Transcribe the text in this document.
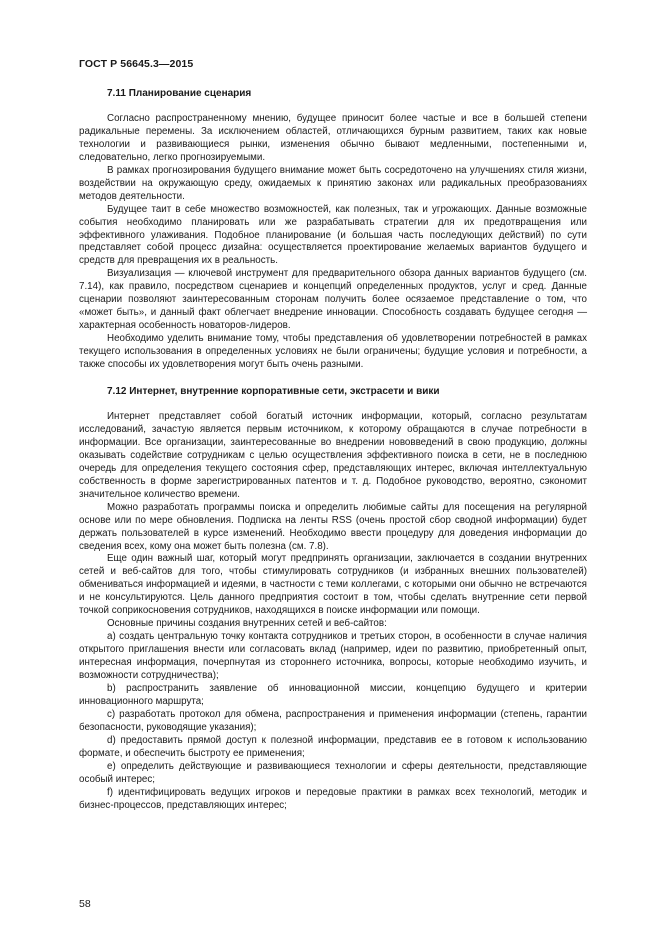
ГОСТ Р 56645.3—2015
7.11 Планирование сценария

Согласно распространенному мнению, будущее приносит более частые и все в большей степени радикальные перемены. За исключением областей, отличающихся бурным развитием, таких как новые технологии и развивающиеся рынки, изменения обычно бывают медленными, постепенными и, следовательно, легко прогнозируемыми.

В рамках прогнозирования будущего внимание может быть сосредоточено на улучшениях стиля жизни, воздействии на окружающую среду, ожидаемых к принятию законах или радикальных преобразованиях методов деятельности.

Будущее таит в себе множество возможностей, как полезных, так и угрожающих. Данные возможные события необходимо планировать или же разрабатывать стратегии для их предотвращения или эффективного улаживания. Подобное планирование (и большая часть последующих действий) по сути представляет собой процесс дизайна: осуществляется проектирование желаемых вариантов будущего и средств для превращения их в реальность.

Визуализация — ключевой инструмент для предварительного обзора данных вариантов будущего (см. 7.14), как правило, посредством сценариев и концепций определенных продуктов, услуг и сред. Данные сценарии позволяют заинтересованным сторонам получить более осязаемое представление о том, что «может быть», и данный факт облегчает внедрение инновации. Способность создавать будущее сегодня — характерная особенность новаторов-лидеров.

Необходимо уделить внимание тому, чтобы представления об удовлетворении потребностей в рамках текущего использования в определенных условиях не были ограничены; будущие условия и потребности, а также способы их удовлетворения могут быть очень разными.

7.12 Интернет, внутренние корпоративные сети, экстрасети и вики

Интернет представляет собой богатый источник информации, который, согласно результатам исследований, зачастую является первым источником, к которому обращаются в случае потребности в информации. Все организации, заинтересованные во внедрении нововведений в свою продукцию, должны оказывать содействие сотрудникам с целью осуществления эффективного поиска в сети, не в последнюю очередь для определения текущего состояния сфер, представляющих интерес, включая интеллектуальную собственность в форме зарегистрированных патентов и т. д. Подобное руководство, вероятно, сэкономит значительное количество времени.

Можно разработать программы поиска и определить любимые сайты для посещения на регулярной основе или по мере обновления. Подписка на ленты RSS (очень простой сбор сводной информации) будет держать пользователей в курсе изменений. Необходимо ввести процедуру для доведения информации до сведения всех, кому она может быть полезна (см. 7.8).

Еще один важный шаг, который могут предпринять организации, заключается в создании внутренних сетей и веб-сайтов для того, чтобы стимулировать сотрудников (и избранных внешних пользователей) обмениваться информацией и идеями, в частности с теми коллегами, с которыми они обычно не встречаются и не консультируются. Цель данного предприятия состоит в том, чтобы сделать внутренние сети первой точкой соприкосновения сотрудников, находящихся в поиске информации или помощи.

Основные причины создания внутренних сетей и веб-сайтов:

a) создать центральную точку контакта сотрудников и третьих сторон, в особенности в случае наличия открытого приглашения внести или согласовать вклад (например, идеи по развитию, приобретенный опыт, интересная информация, почерпнутая из стороннего источника, вопросы, которые необходимо изучить, и возможности сотрудничества);

b) распространить заявление об инновационной миссии, концепцию будущего и критерии инновационного маршрута;

c) разработать протокол для обмена, распространения и применения информации (степень, гарантии безопасности, руководящие указания);

d) предоставить прямой доступ к полезной информации, представив ее в готовом к использованию формате, и обеспечить быстроту ее применения;

e) определить действующие и развивающиеся технологии и сферы деятельности, представляющие особый интерес;

f) идентифицировать ведущих игроков и передовые практики в рамках всех технологий, методик и бизнес-процессов, представляющих интерес;

58
